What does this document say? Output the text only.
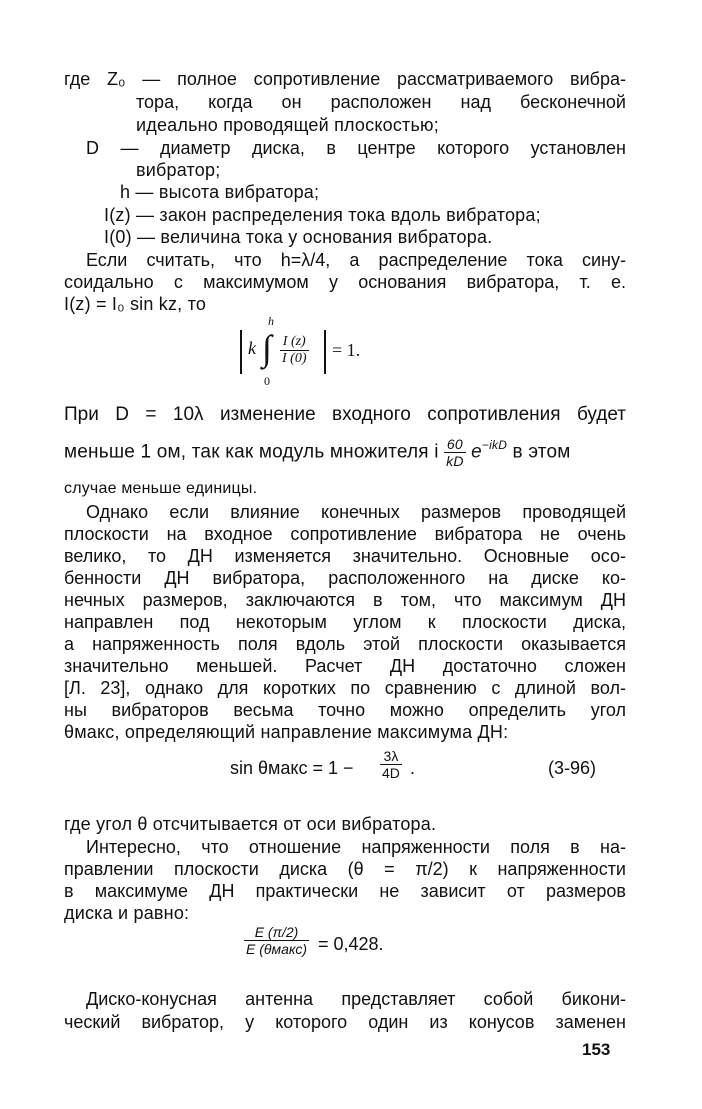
где Z₀ — полное сопротивление рассматриваемого вибра-
тора, когда он расположен над бесконечной
идеально проводящей плоскостью;
D — диаметр диска, в центре которого установлен
вибратор;
h — высота вибратора;
I(z) — закон распределения тока вдоль вибратора;
I(0) — величина тока у основания вибратора.
Если считать, что h=λ/4, а распределение тока сину-
соидально с максимумом у основания вибратора, т. е.
I(z) = I₀ sin kz, то
h
k ∫ $\frac{I (z)}{I (0)} = 1$.
0
При D = 10λ изменение входного сопротивления будет
меньше 1 ом, так как модуль множителя i $\frac{60}{kD} e^{-ikD}$ в этом
случае меньше единицы.
Однако если влияние конечных размеров проводящей
плоскости на входное сопротивление вибратора не очень
велико, то ДН изменяется значительно. Основные осо-
бенности ДН вибратора, расположенного на диске ко-
нечных размеров, заключаются в том, что максимум ДН
направлен под некоторым углом к плоскости диска,
а напряженность поля вдоль этой плоскости оказывается
значительно меньшей. Расчет ДН достаточно сложен
[Л. 23], однако для коротких по сравнению с длиной вол-
ны вибраторов весьма точно можно определить угол
θмакс, определяющий направление максимума ДН:
sin θмакс = $1 - \frac{3\lambda}{4D}$ .	(3-96)
где угол θ отсчитывается от оси вибратора.
Интересно, что отношение напряженности поля в на-
правлении плоскости диска (θ = π/2) к напряженности
в максимуме ДН практически не зависит от размеров
диска и равно:
E (π/2)
E (θмакс) = 0,428.
Диско-конусная антенна представляет собой бикони-
ческий вибратор, у которого один из конусов заменен
153
